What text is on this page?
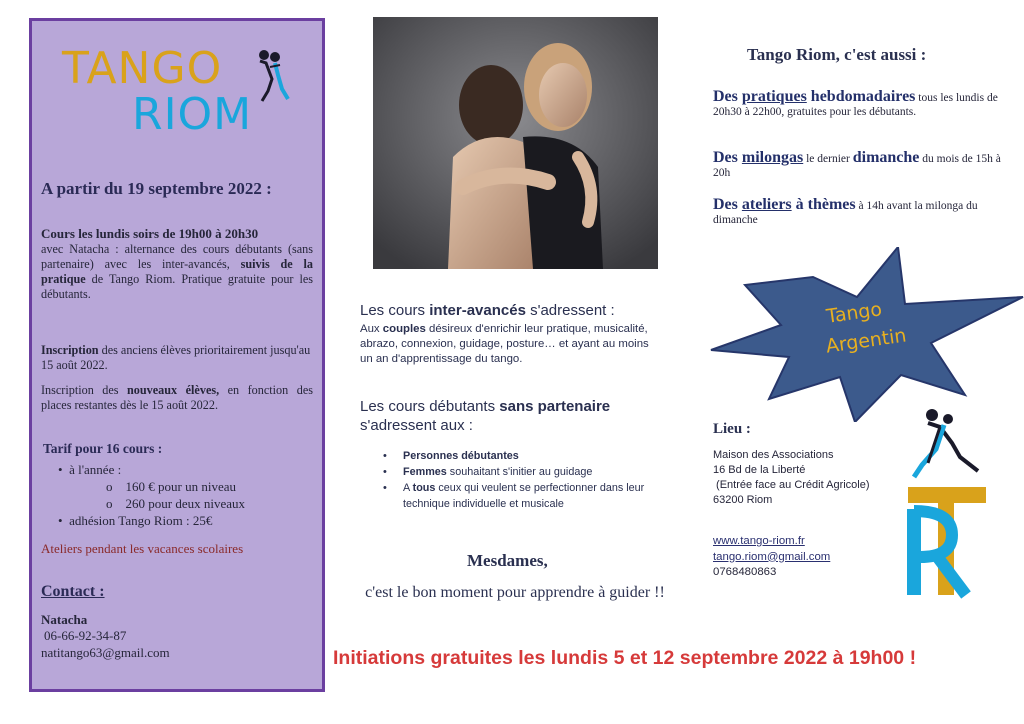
TANGO
RIOM
A partir du 19 septembre 2022 :
Cours les lundis soirs de 19h00 à 20h30
avec Natacha : alternance des cours débutants (sans partenaire) avec les inter-avancés, suivis de la pratique de Tango Riom. Pratique gratuite pour les débutants.
Inscription des anciens élèves prioritairement jusqu'au 15 août 2022.
Inscription des nouveaux élèves, en fonction des places restantes dès le 15 août 2022.
Tarif pour 16 cours :
•  à l'année :
o    160 € pour un niveau
o    260 pour deux niveaux
•  adhésion Tango Riom : 25€
Ateliers pendant les vacances scolaires
Contact :
Natacha
06-66-92-34-87
natitango63@gmail.com
Les cours inter-avancés s'adressent :
Aux couples désireux d'enrichir leur pratique, musicalité, abrazo, connexion, guidage, posture… et ayant au moins un an d'apprentissage du tango.
Les cours débutants sans partenaire
s'adressent aux :
• Personnes débutantes
• Femmes souhaitant s'initier au guidage
• A tous ceux qui veulent se perfectionner dans leur technique individuelle et musicale
Mesdames,
c'est le bon moment pour apprendre à guider !!
Initiations gratuites les lundis 5 et 12 septembre 2022 à 19h00 !
Tango Riom, c'est aussi :
Des pratiques hebdomadaires tous les lundis de 20h30 à 22h00, gratuites pour les débutants.
Des milongas le dernier dimanche du mois de 15h à 20h
Des ateliers à thèmes à 14h avant la milonga du dimanche
Tango
Argentin
Lieu :
Maison des Associations
16 Bd de la Liberté
(Entrée face au Crédit Agricole)
63200 Riom
www.tango-riom.fr
tango.riom@gmail.com
0768480863
